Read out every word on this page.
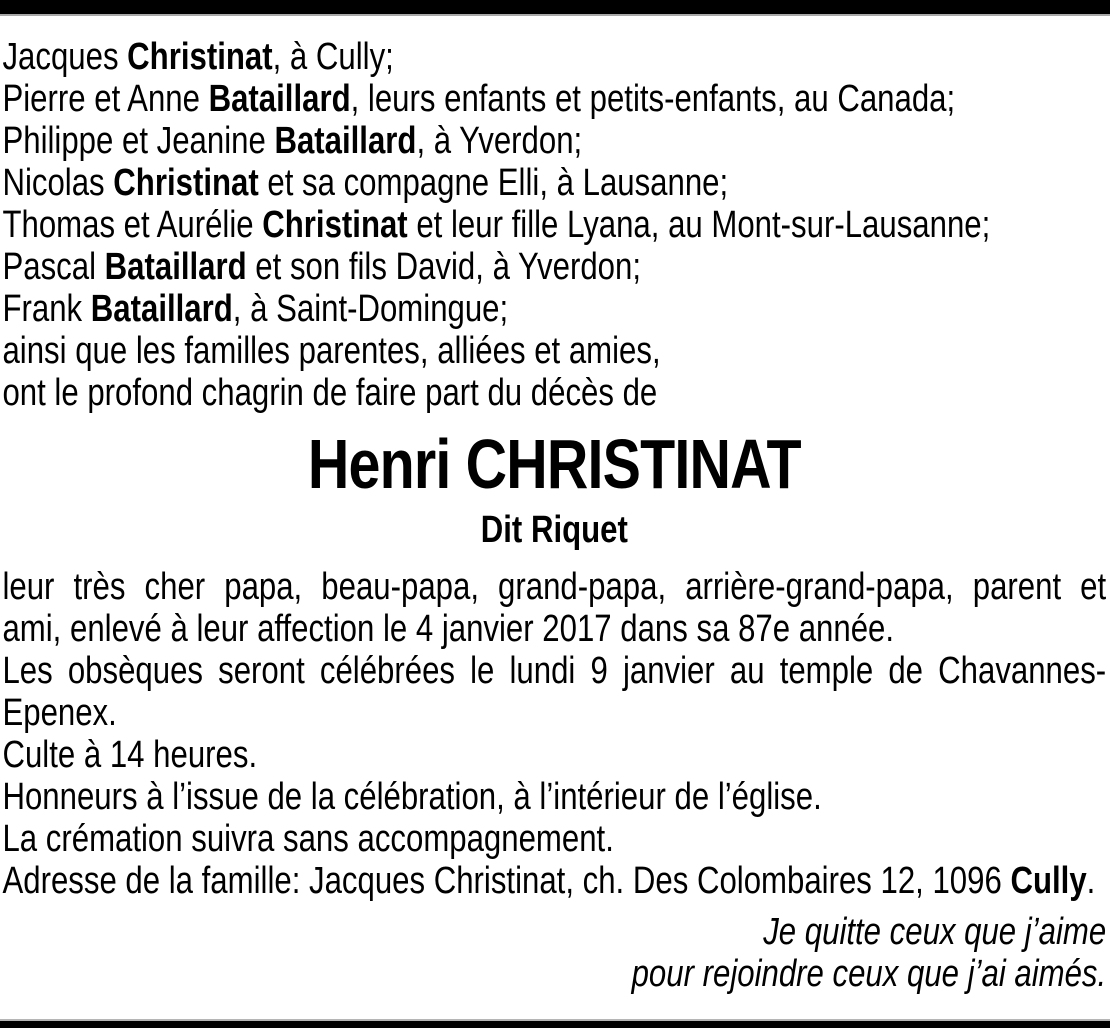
Jacques Christinat, à Cully;
Pierre et Anne Bataillard, leurs enfants et petits-enfants, au Canada;
Philippe et Jeanine Bataillard, à Yverdon;
Nicolas Christinat et sa compagne Elli, à Lausanne;
Thomas et Aurélie Christinat et leur fille Lyana, au Mont-sur-Lausanne;
Pascal Bataillard et son fils David, à Yverdon;
Frank Bataillard, à Saint-Domingue;
ainsi que les familles parentes, alliées et amies,
ont le profond chagrin de faire part du décès de
Henri CHRISTINAT
Dit Riquet
leur très cher papa, beau-papa, grand-papa, arrière-grand-papa, parent et
ami, enlevé à leur affection le 4 janvier 2017 dans sa 87e année.
Les obsèques seront célébrées le lundi 9 janvier au temple de Chavannes-
Epenex.
Culte à 14 heures.
Honneurs à l’issue de la célébration, à l’intérieur de l’église.
La crémation suivra sans accompagnement.
Adresse de la famille: Jacques Christinat, ch. Des Colombaires 12, 1096 Cully.
Je quitte ceux que j’aime
pour rejoindre ceux que j’ai aimés.
